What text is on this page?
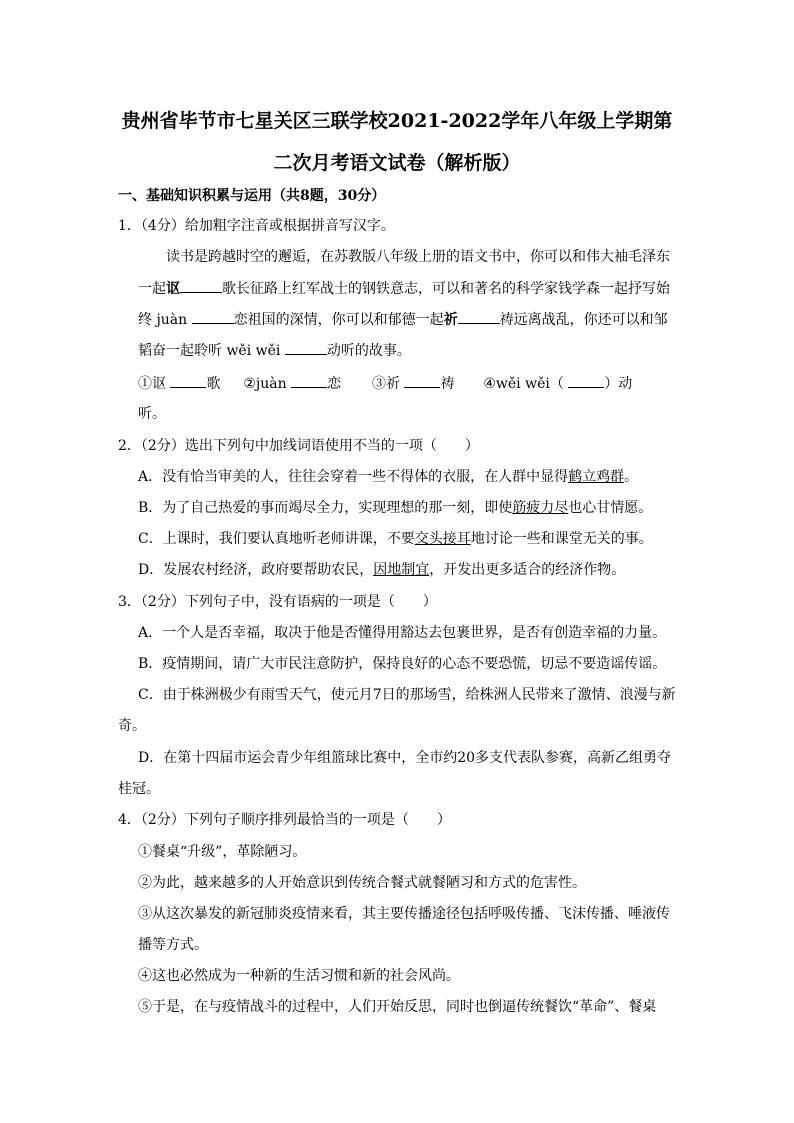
贵州省毕节市七星关区三联学校2021-2022学年八年级上学期第
二次月考语文试卷（解析版）
一、基础知识积累与运用（共8题，30分）
1．（4分）给加粗字注音或根据拼音写汉字。
读书是跨越时空的邂逅，在苏教版八年级上册的语文书中，你可以和伟大袖毛泽东
一起讴	歌长征路上红军战士的钢铁意志，可以和著名的科学家钱学森一起抒写始
终 juàn	恋祖国的深情，你可以和郁德一起祈	祷远离战乱，你还可以和邹
韬奋一起聆听 wěi wěi	动听的故事。
①讴	歌 ②juàn	恋 ③祈	祷 ④wěi wěi（	）动
听。
2．（2分）选出下列句中加线词语使用不当的一项（　　）
A．没有恰当审美的人，往往会穿着一些不得体的衣服，在人群中显得鹤立鸡群。
B．为了自己热爱的事而竭尽全力，实现理想的那一刻，即使筋疲力尽也心甘情愿。
C．上课时，我们要认真地听老师讲课，不要交头接耳地讨论一些和课堂无关的事。
D．发展农村经济，政府要帮助农民，因地制宜，开发出更多适合的经济作物。
3．（2分）下列句子中，没有语病的一项是（　　）
A．一个人是否幸福，取决于他是否懂得用豁达去包裹世界，是否有创造幸福的力量。
B．疫情期间，请广大市民注意防护，保持良好的心态不要恐慌，切忌不要造谣传谣。
C．由于株洲极少有雨雪天气，使元月7日的那场雪，给株洲人民带来了激情、浪漫与新
奇。
D．在第十四届市运会青少年组篮球比赛中，全市约20多支代表队参赛，高新乙组勇夺
桂冠。
4．（2分）下列句子顺序排列最恰当的一项是（　　）
①餐桌“升级”，革除陋习。
②为此，越来越多的人开始意识到传统合餐式就餐陋习和方式的危害性。
③从这次暴发的新冠肺炎疫情来看，其主要传播途径包括呼吸传播、飞沫传播、唾液传
播等方式。
④这也必然成为一种新的生活习惯和新的社会风尚。
⑤于是，在与疫情战斗的过程中，人们开始反思，同时也倒逼传统餐饮“革命”、餐桌
